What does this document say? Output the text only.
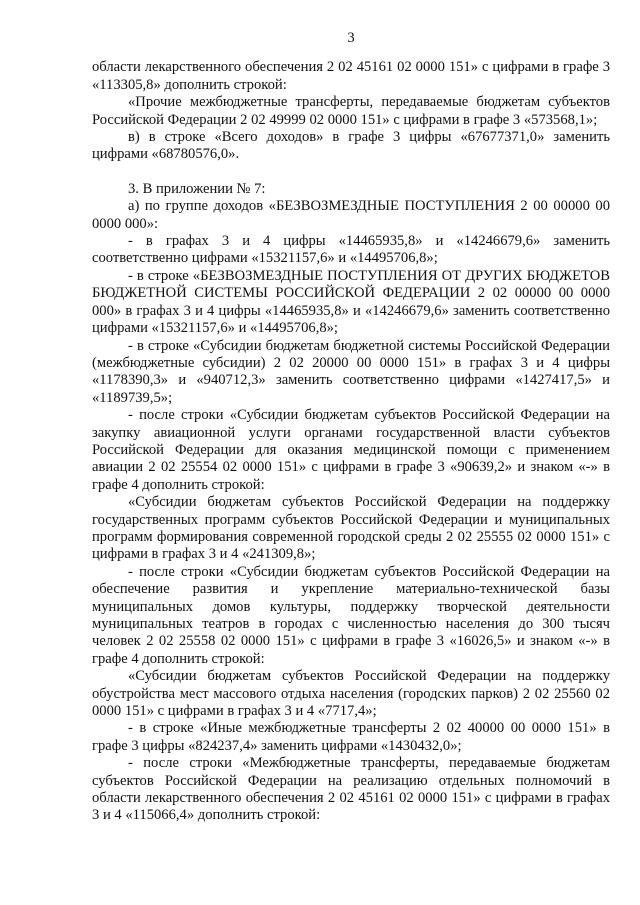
3

области лекарственного обеспечения 2 02 45161 02 0000 151» с цифрами в графе 3 «113305,8» дополнить строкой:

«Прочие межбюджетные трансферты, передаваемые бюджетам субъектов Российской Федерации 2 02 49999 02 0000 151» с цифрами в графе 3 «573568,1»;

в) в строке «Всего доходов» в графе 3 цифры «67677371,0» заменить цифрами «68780576,0».

3. В приложении № 7:

а) по группе доходов «БЕЗВОЗМЕЗДНЫЕ ПОСТУПЛЕНИЯ 2 00 00000 00 0000 000»:

- в графах 3 и 4 цифры «14465935,8» и «14246679,6» заменить соответственно цифрами «15321157,6» и «14495706,8»;

- в строке «БЕЗВОЗМЕЗДНЫЕ ПОСТУПЛЕНИЯ ОТ ДРУГИХ БЮДЖЕТОВ БЮДЖЕТНОЙ СИСТЕМЫ РОССИЙСКОЙ ФЕДЕРАЦИИ 2 02 00000 00 0000 000» в графах 3 и 4 цифры «14465935,8» и «14246679,6» заменить соответственно цифрами «15321157,6» и «14495706,8»;

- в строке «Субсидии бюджетам бюджетной системы Российской Федерации (межбюджетные субсидии) 2 02 20000 00 0000 151» в графах 3 и 4 цифры «1178390,3» и «940712,3» заменить соответственно цифрами «1427417,5» и «1189739,5»;

- после строки «Субсидии бюджетам субъектов Российской Федерации на закупку авиационной услуги органами государственной власти субъектов Российской Федерации для оказания медицинской помощи с применением авиации 2 02 25554 02 0000 151» с цифрами в графе 3 «90639,2» и знаком «-» в графе 4 дополнить строкой:

«Субсидии бюджетам субъектов Российской Федерации на поддержку государственных программ субъектов Российской Федерации и муниципальных программ формирования современной городской среды 2 02 25555 02 0000 151» с цифрами в графах 3 и 4 «241309,8»;

- после строки «Субсидии бюджетам субъектов Российской Федерации на обеспечение развития и укрепление материально-технической базы муниципальных домов культуры, поддержку творческой деятельности муниципальных театров в городах с численностью населения до 300 тысяч человек 2 02 25558 02 0000 151» с цифрами в графе 3 «16026,5» и знаком «-» в графе 4 дополнить строкой:

«Субсидии бюджетам субъектов Российской Федерации на поддержку обустройства мест массового отдыха населения (городских парков) 2 02 25560 02 0000 151» с цифрами в графах 3 и 4 «7717,4»;

- в строке «Иные межбюджетные трансферты 2 02 40000 00 0000 151» в графе 3 цифры «824237,4» заменить цифрами «1430432,0»;

- после строки «Межбюджетные трансферты, передаваемые бюджетам субъектов Российской Федерации на реализацию отдельных полномочий в области лекарственного обеспечения 2 02 45161 02 0000 151» с цифрами в графах 3 и 4 «115066,4» дополнить строкой:
